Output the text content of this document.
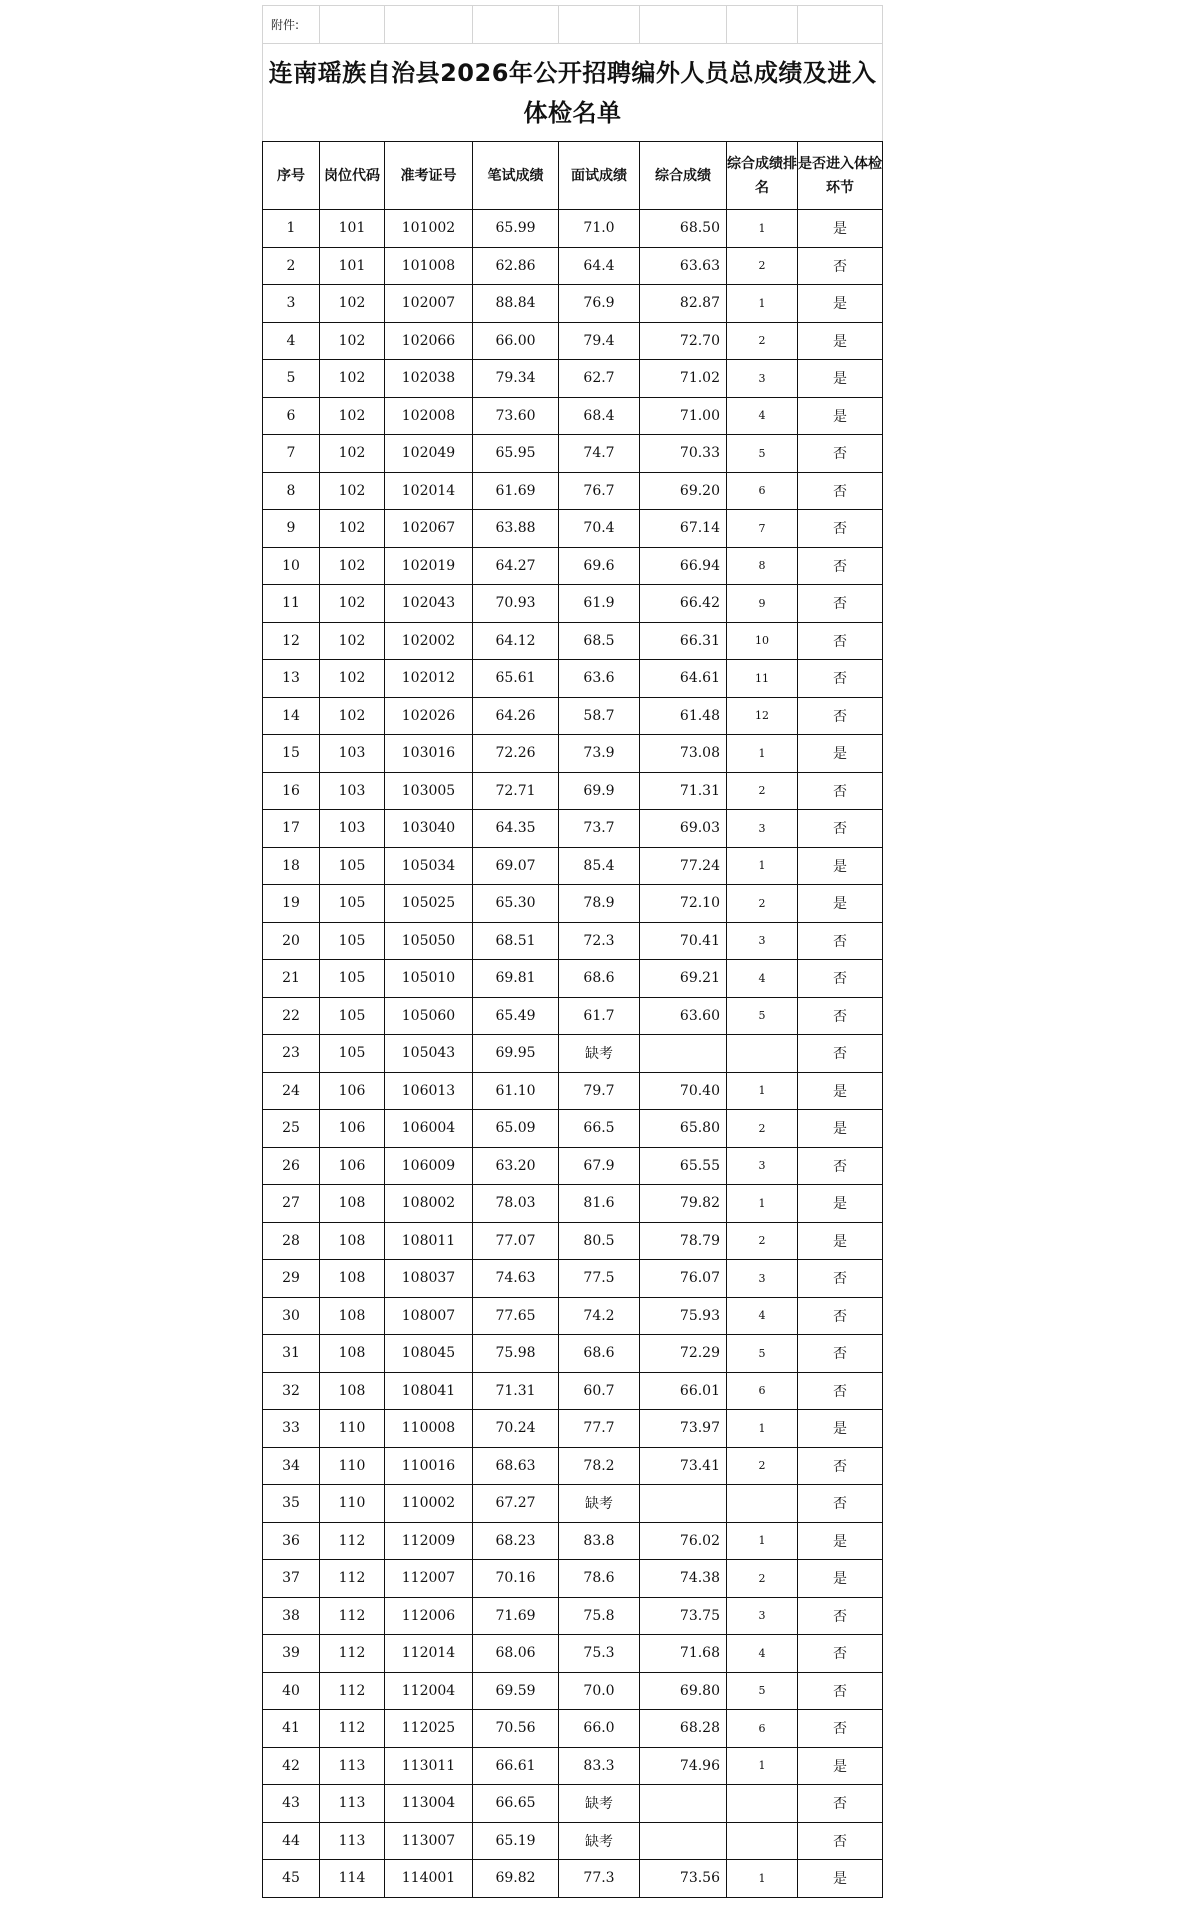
附件:							

连南瑶族自治县2026年公开招聘编外人员总成绩及进入体检名单							

序号	岗位代码	准考证号	笔试成绩	面试成绩	综合成绩	综合成绩排名	是否进入体检环节
1	101	101002	65.99	71.0	68.50	1	是
2	101	101008	62.86	64.4	63.63	2	否
3	102	102007	88.84	76.9	82.87	1	是
4	102	102066	66.00	79.4	72.70	2	是
5	102	102038	79.34	62.7	71.02	3	是
6	102	102008	73.60	68.4	71.00	4	是
7	102	102049	65.95	74.7	70.33	5	否
8	102	102014	61.69	76.7	69.20	6	否
9	102	102067	63.88	70.4	67.14	7	否
10	102	102019	64.27	69.6	66.94	8	否
11	102	102043	70.93	61.9	66.42	9	否
12	102	102002	64.12	68.5	66.31	10	否
13	102	102012	65.61	63.6	64.61	11	否
14	102	102026	64.26	58.7	61.48	12	否
15	103	103016	72.26	73.9	73.08	1	是
16	103	103005	72.71	69.9	71.31	2	否
17	103	103040	64.35	73.7	69.03	3	否
18	105	105034	69.07	85.4	77.24	1	是
19	105	105025	65.30	78.9	72.10	2	是
20	105	105050	68.51	72.3	70.41	3	否
21	105	105010	69.81	68.6	69.21	4	否
22	105	105060	65.49	61.7	63.60	5	否
23	105	105043	69.95	缺考			否
24	106	106013	61.10	79.7	70.40	1	是
25	106	106004	65.09	66.5	65.80	2	是
26	106	106009	63.20	67.9	65.55	3	否
27	108	108002	78.03	81.6	79.82	1	是
28	108	108011	77.07	80.5	78.79	2	是
29	108	108037	74.63	77.5	76.07	3	否
30	108	108007	77.65	74.2	75.93	4	否
31	108	108045	75.98	68.6	72.29	5	否
32	108	108041	71.31	60.7	66.01	6	否
33	110	110008	70.24	77.7	73.97	1	是
34	110	110016	68.63	78.2	73.41	2	否
35	110	110002	67.27	缺考			否
36	112	112009	68.23	83.8	76.02	1	是
37	112	112007	70.16	78.6	74.38	2	是
38	112	112006	71.69	75.8	73.75	3	否
39	112	112014	68.06	75.3	71.68	4	否
40	112	112004	69.59	70.0	69.80	5	否
41	112	112025	70.56	66.0	68.28	6	否
42	113	113011	66.61	83.3	74.96	1	是
43	113	113004	66.65	缺考			否
44	113	113007	65.19	缺考			否
45	114	114001	69.82	77.3	73.56	1	是
